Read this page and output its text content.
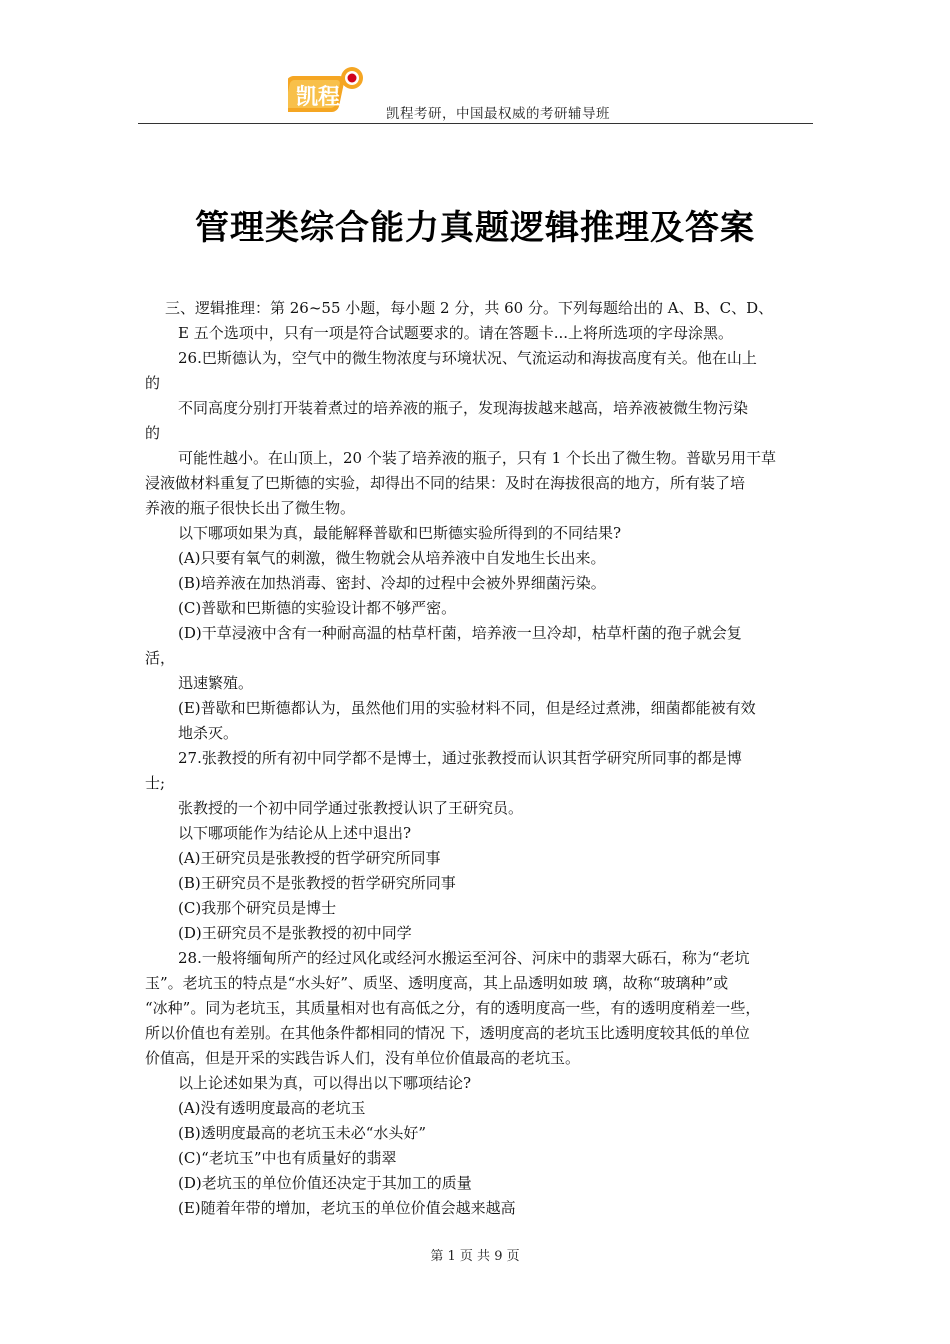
凯程
凯程考研，中国最权威的考研辅导班
管理类综合能力真题逻辑推理及答案
三、逻辑推理：第 26~55 小题，每小题 2 分，共 60 分。下列每题给出的 A、B、C、D、
E 五个选项中，只有一项是符合试题要求的。请在答题卡...上将所选项的字母涂黑。
26.巴斯德认为，空气中的微生物浓度与环境状况、气流运动和海拔高度有关。他在山上
的
不同高度分别打开装着煮过的培养液的瓶子，发现海拔越来越高，培养液被微生物污染
的
可能性越小。在山顶上，20 个装了培养液的瓶子，只有 1 个长出了微生物。普歇另用干草
浸液做材料重复了巴斯德的实验，却得出不同的结果：及时在海拔很高的地方，所有装了培
养液的瓶子很快长出了微生物。
以下哪项如果为真，最能解释普歇和巴斯德实验所得到的不同结果?
(A)只要有氧气的刺激，微生物就会从培养液中自发地生长出来。
(B)培养液在加热消毒、密封、冷却的过程中会被外界细菌污染。
(C)普歇和巴斯德的实验设计都不够严密。
(D)干草浸液中含有一种耐高温的枯草杆菌，培养液一旦冷却，枯草杆菌的孢子就会复
活，
迅速繁殖。
(E)普歇和巴斯德都认为，虽然他们用的实验材料不同，但是经过煮沸，细菌都能被有效
地杀灭。
27.张教授的所有初中同学都不是博士，通过张教授而认识其哲学研究所同事的都是博
士;
张教授的一个初中同学通过张教授认识了王研究员。
以下哪项能作为结论从上述中退出?
(A)王研究员是张教授的哲学研究所同事
(B)王研究员不是张教授的哲学研究所同事
(C)我那个研究员是博士
(D)王研究员不是张教授的初中同学
28.一般将缅甸所产的经过风化或经河水搬运至河谷、河床中的翡翠大砾石，称为“老坑
玉”。老坑玉的特点是“水头好”、质坚、透明度高，其上品透明如玻 璃，故称“玻璃种”或
“冰种”。同为老坑玉，其质量相对也有高低之分，有的透明度高一些，有的透明度稍差一些，
所以价值也有差别。在其他条件都相同的情况 下，透明度高的老坑玉比透明度较其低的单位
价值高，但是开采的实践告诉人们，没有单位价值最高的老坑玉。
以上论述如果为真，可以得出以下哪项结论?
(A)没有透明度最高的老坑玉
(B)透明度最高的老坑玉未必“水头好”
(C)“老坑玉”中也有质量好的翡翠
(D)老坑玉的单位价值还决定于其加工的质量
(E)随着年带的增加，老坑玉的单位价值会越来越高
第 1 页 共 9 页
